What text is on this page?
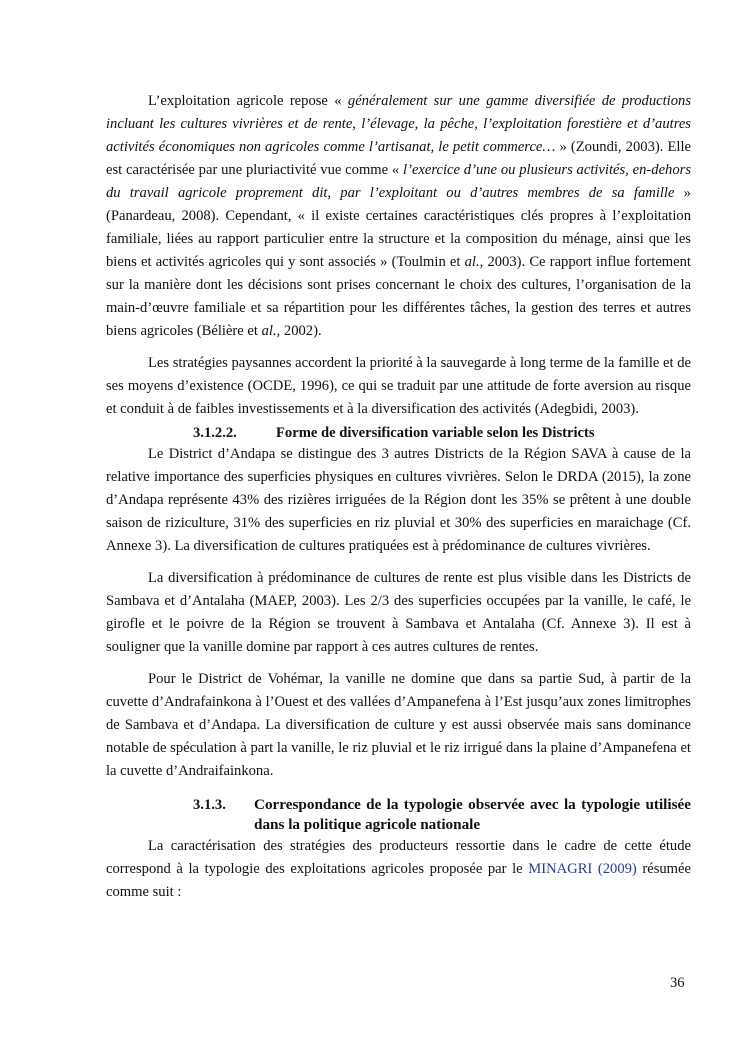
L’exploitation agricole repose « généralement sur une gamme diversifiée de productions incluant les cultures vivrières et de rente, l’élevage, la pêche, l’exploitation forestière et d’autres activités économiques non agricoles comme l’artisanat, le petit commerce… » (Zoundi, 2003). Elle est caractérisée par une pluriactivité vue comme « l’exercice d’une ou plusieurs activités, en-dehors du travail agricole proprement dit, par l’exploitant ou d’autres membres de sa famille » (Panardeau, 2008). Cependant, « il existe certaines caractéristiques clés propres à l’exploitation familiale, liées au rapport particulier entre la structure et la composition du ménage, ainsi que les biens et activités agricoles qui y sont associés » (Toulmin et al., 2003). Ce rapport influe fortement sur la manière dont les décisions sont prises concernant le choix des cultures, l’organisation de la main-d’œuvre familiale et sa répartition pour les différentes tâches, la gestion des terres et autres biens agricoles (Bélière et al., 2002).

Les stratégies paysannes accordent la priorité à la sauvegarde à long terme de la famille et de ses moyens d’existence (OCDE, 1996), ce qui se traduit par une attitude de forte aversion au risque et conduit à de faibles investissements et à la diversification des activités (Adegbidi, 2003).

3.1.2.2.	Forme de diversification variable selon les Districts

Le District d’Andapa se distingue des 3 autres Districts de la Région SAVA à cause de la relative importance des superficies physiques en cultures vivrières. Selon le DRDA (2015), la zone d’Andapa représente 43% des rizières irriguées de la Région dont les 35% se prêtent à une double saison de riziculture, 31% des superficies en riz pluvial et 30% des superficies en maraichage (Cf. Annexe 3). La diversification de cultures pratiquées est à prédominance de cultures vivrières.

La diversification à prédominance de cultures de rente est plus visible dans les Districts de Sambava et d’Antalaha (MAEP, 2003). Les 2/3 des superficies occupées par la vanille, le café, le girofle et le poivre de la Région se trouvent à Sambava et Antalaha (Cf. Annexe 3). Il est à souligner que la vanille domine par rapport à ces autres cultures de rentes.

Pour le District de Vohémar, la vanille ne domine que dans sa partie Sud, à partir de la cuvette d’Andrafainkona à l’Ouest et des vallées d’Ampanefena à l’Est jusqu’aux zones limitrophes de Sambava et d’Andapa. La diversification de culture y est aussi observée mais sans dominance notable de spéculation à part la vanille, le riz pluvial et le riz irrigué dans la plaine d’Ampanefena et la cuvette d’Andraifainkona.

3.1.3. Correspondance de la typologie observée avec la typologie utilisée dans la politique agricole nationale

La caractérisation des stratégies des producteurs ressortie dans le cadre de cette étude correspond à la typologie des exploitations agricoles proposée par le MINAGRI (2009) résumée comme suit :

36
